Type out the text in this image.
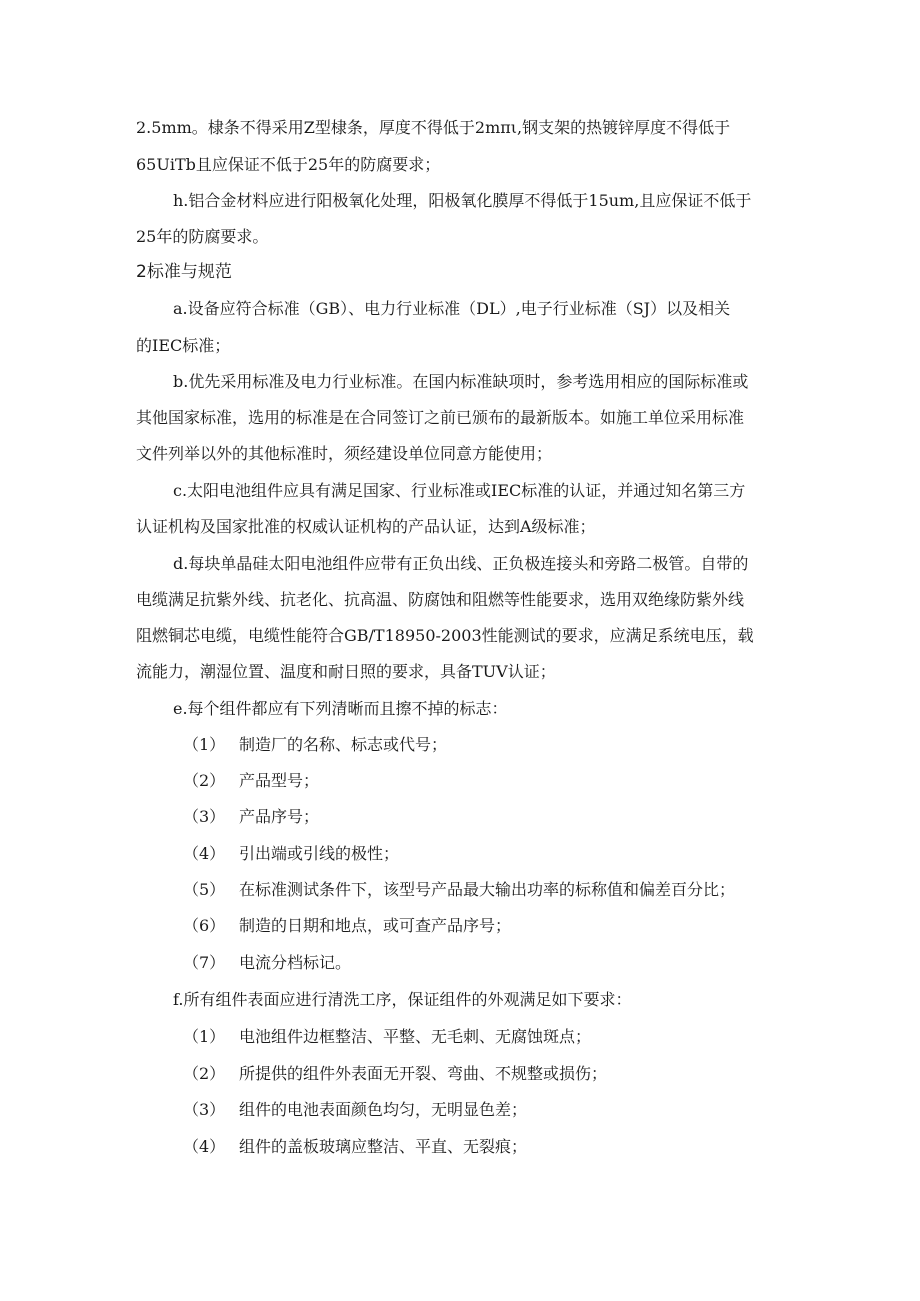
2.5mm。棣条不得采用Z型棣条，厚度不得低于2mπι,钢支架的热镀锌厚度不得低于
65UiTb且应保证不低于25年的防腐要求；
h.铝合金材料应进行阳极氧化处理，阳极氧化膜厚不得低于15um,且应保证不低于
25年的防腐要求。
2标准与规范
a.设备应符合标准（GB）、电力行业标准（DL）,电子行业标准（SJ）以及相关
的IEC标准；
b.优先采用标准及电力行业标准。在国内标准缺项时，参考选用相应的国际标准或
其他国家标准，选用的标准是在合同签订之前已颁布的最新版本。如施工单位采用标准
文件列举以外的其他标准时，须经建设单位同意方能使用；
c.太阳电池组件应具有满足国家、行业标准或IEC标准的认证，并通过知名第三方
认证机构及国家批准的权威认证机构的产品认证，达到A级标准；
d.每块单晶硅太阳电池组件应带有正负出线、正负极连接头和旁路二极管。自带的
电缆满足抗紫外线、抗老化、抗高温、防腐蚀和阻燃等性能要求，选用双绝缘防紫外线
阻燃铜芯电缆，电缆性能符合GB/T18950-2003性能测试的要求，应满足系统电压，载
流能力，潮湿位置、温度和耐日照的要求，具备TUV认证；
e.每个组件都应有下列清晰而且擦不掉的标志：
（1） 制造厂的名称、标志或代号；
（2） 产品型号；
（3） 产品序号；
（4） 引出端或引线的极性；
（5） 在标准测试条件下，该型号产品最大输出功率的标称值和偏差百分比；
（6） 制造的日期和地点，或可查产品序号；
（7） 电流分档标记。
f.所有组件表面应进行清洗工序，保证组件的外观满足如下要求：
（1） 电池组件边框整洁、平整、无毛刺、无腐蚀斑点；
（2） 所提供的组件外表面无开裂、弯曲、不规整或损伤；
（3） 组件的电池表面颜色均匀，无明显色差；
（4） 组件的盖板玻璃应整洁、平直、无裂痕；
